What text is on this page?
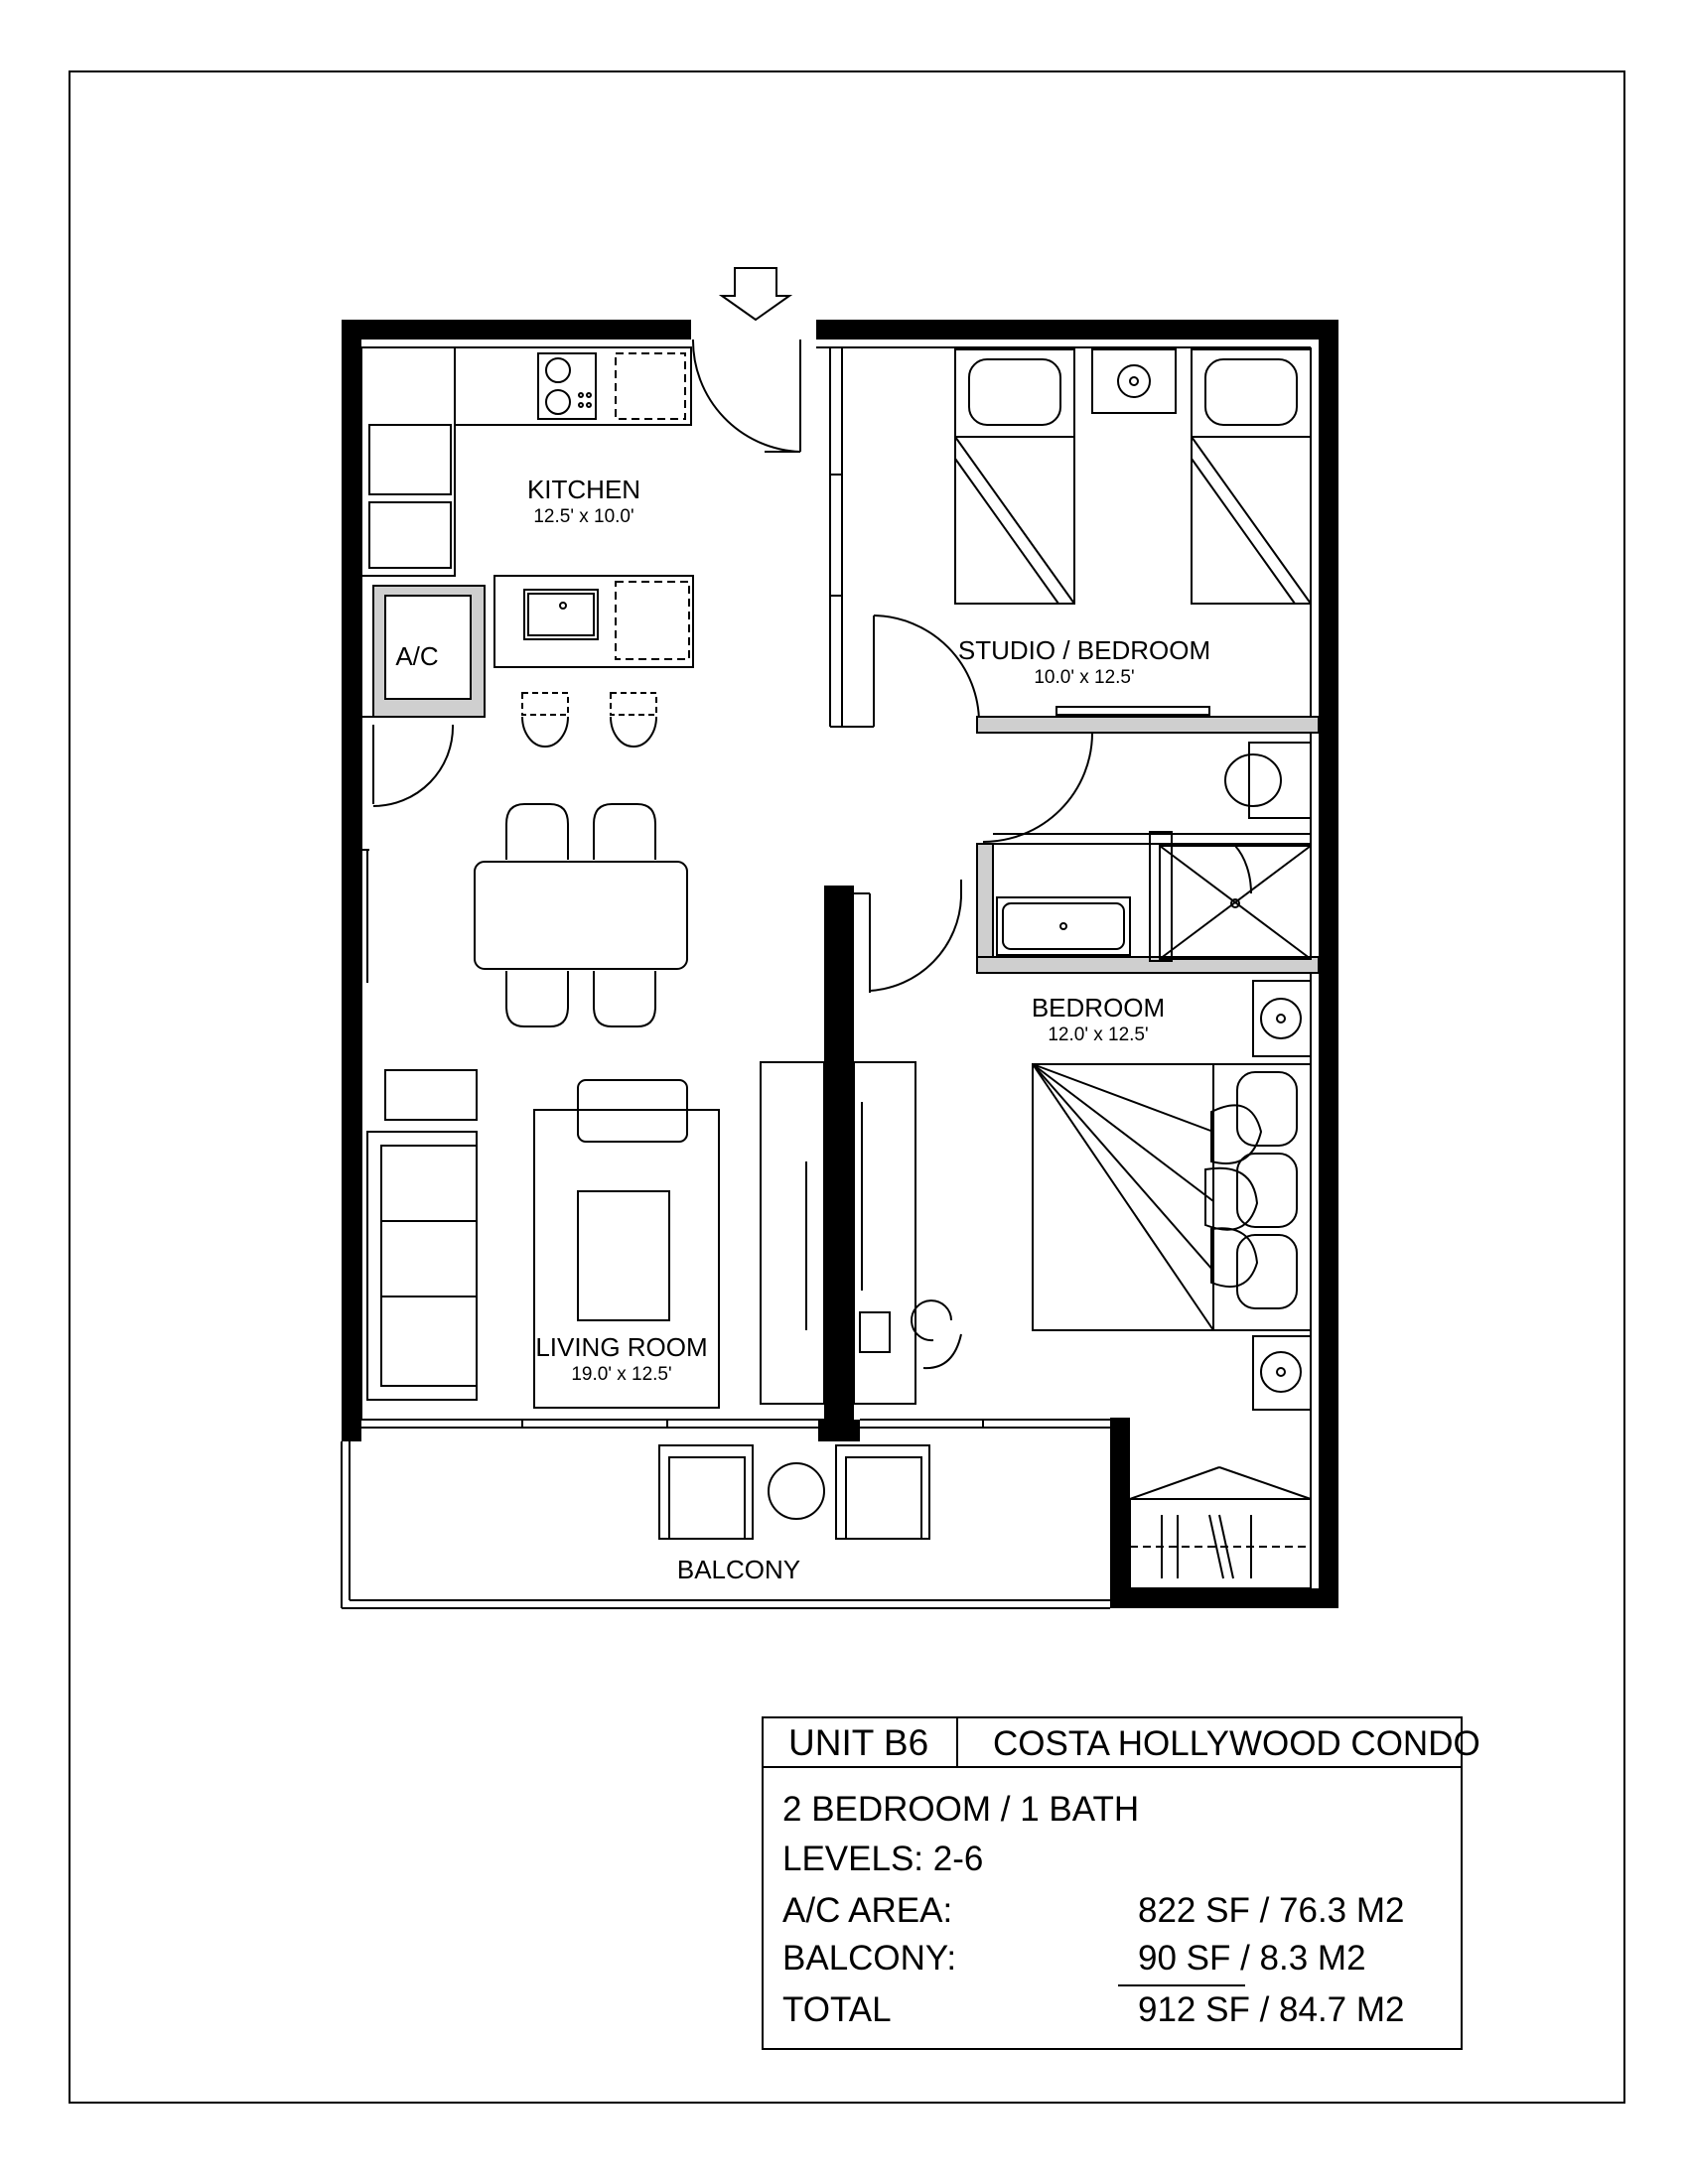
KITCHEN
12.5' x 10.0'
A/C	STUDIO / BEDROOM
10.0' x 12.5'
BEDROOM
12.0' x 12.5'
LIVING ROOM
19.0' x 12.5'
BALCONY
UNIT B6 COSTA HOLLYWOOD CONDO
2 BEDROOM / 1 BATH
LEVELS: 2-6
A/C AREA:	822 SF / 76.3 M2
BALCONY:	90 SF / 8.3 M2
TOTAL	912 SF / 84.7 M2
